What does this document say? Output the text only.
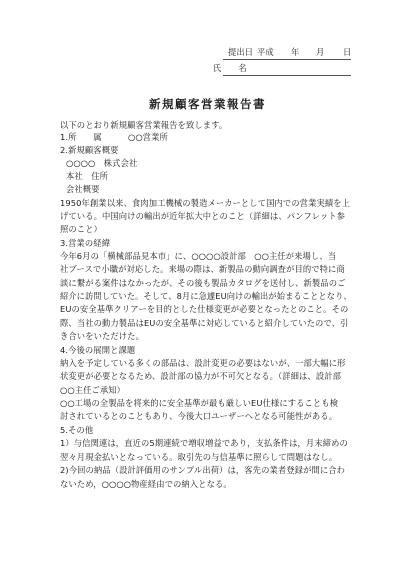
提出日 平成 年 月 日
氏　　名
新規顧客営業報告書
以下のとおり新規顧客営業報告を致します。
1.所　　属	○○営業所
2.新規顧客概要
○○○○　株式会社
本社　住所
会社概要
1950年創業以来、食肉加工機械の製造メーカーとして国内での営業実績を上
げている。中国向けの輸出が近年拡大中とのこと（詳細は、パンフレット参
照のこと）
3.営業の経緯
今年6月の「横械部品見本市」に、○○○○設計部　○○主任が来場し、当
社ブースで小職が対応した。来場の際は、新製品の動向調査が目的で特に商
談に繋がる案件はなかったが、その後も製品カタログを送付し、新製品のご
紹介に訪問していた。そして、8月に急遽EU向けの輸出が始まることとなり、
EUの安全基準クリアーを目的とした仕様変更が必要となったとのこと。その
際、当社の動力製品はEUの安全基準に対応していると紹介していたので、引
き合いをいただけた。
4.今後の展開と課題
納入を予定している多くの部品は、設計変更の必要はないが、一部大幅に形
状変更が必要となるため、設計部の協力が不可欠となる。（詳細は、設計部
○○主任ご承知）
○○工場の全製品を将来的に安全基準が最も厳しいEU仕様にすることも検
討されているとのこともあり、今後大口ユーザーへとなる可能性がある。
5.その他
1）与信関連は，直近の5期連続で増収増益であり，支払条件は，月末締めの
翌々月現金払いとなっている。取引先の与信基準に照らして問題はなし。
2)今回の納品（設計評価用のサンプル出荷）は，客先の業者登録が間に合わ
ないため，○○○○物産経由での納入となる。
